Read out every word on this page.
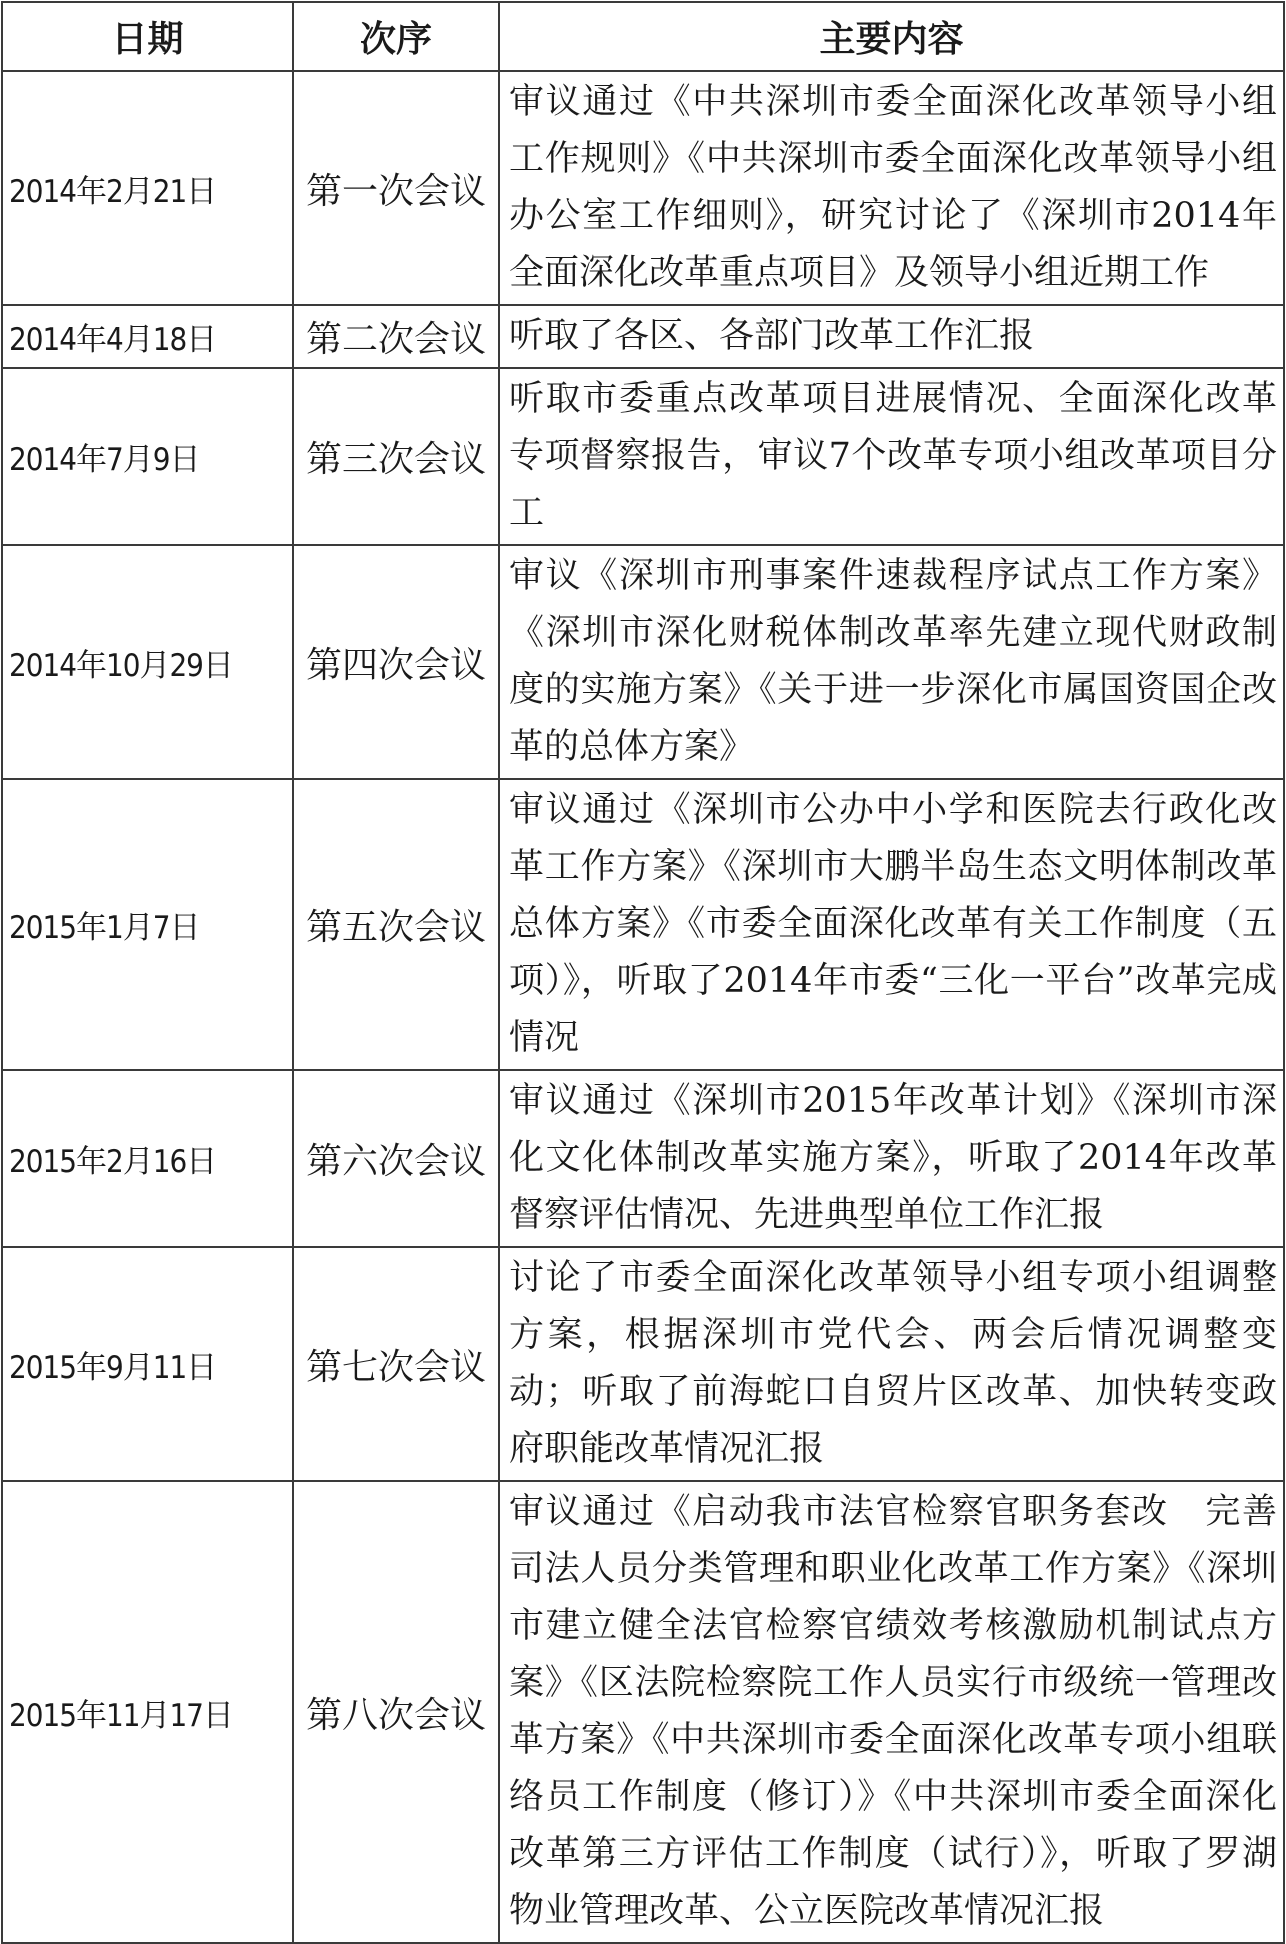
日期	次序	主要内容
2014年2月21日	第一次会议	审议通过《中共深圳市委全面深化改革领导小组工作规则》《中共深圳市委全面深化改革领导小组办公室工作细则》，研究讨论了《深圳市2014年全面深化改革重点项目》及领导小组近期工作
2014年4月18日	第二次会议	听取了各区、各部门改革工作汇报
2014年7月9日	第三次会议	听取市委重点改革项目进展情况、全面深化改革专项督察报告，审议7个改革专项小组改革项目分工
2014年10月29日	第四次会议	审议《深圳市刑事案件速裁程序试点工作方案》《深圳市深化财税体制改革率先建立现代财政制度的实施方案》《关于进一步深化市属国资国企改革的总体方案》
2015年1月7日	第五次会议	审议通过《深圳市公办中小学和医院去行政化改革工作方案》《深圳市大鹏半岛生态文明体制改革总体方案》《市委全面深化改革有关工作制度（五项）》，听取了2014年市委“三化一平台”改革完成情况
2015年2月16日	第六次会议	审议通过《深圳市2015年改革计划》《深圳市深化文化体制改革实施方案》，听取了2014年改革督察评估情况、先进典型单位工作汇报
2015年9月11日	第七次会议	讨论了市委全面深化改革领导小组专项小组调整方案，根据深圳市党代会、两会后情况调整变动；听取了前海蛇口自贸片区改革、加快转变政府职能改革情况汇报
2015年11月17日	第八次会议	审议通过《启动我市法官检察官职务套改　完善司法人员分类管理和职业化改革工作方案》《深圳市建立健全法官检察官绩效考核激励机制试点方案》《区法院检察院工作人员实行市级统一管理改革方案》《中共深圳市委全面深化改革专项小组联络员工作制度（修订）》《中共深圳市委全面深化改革第三方评估工作制度（试行）》，听取了罗湖物业管理改革、公立医院改革情况汇报
